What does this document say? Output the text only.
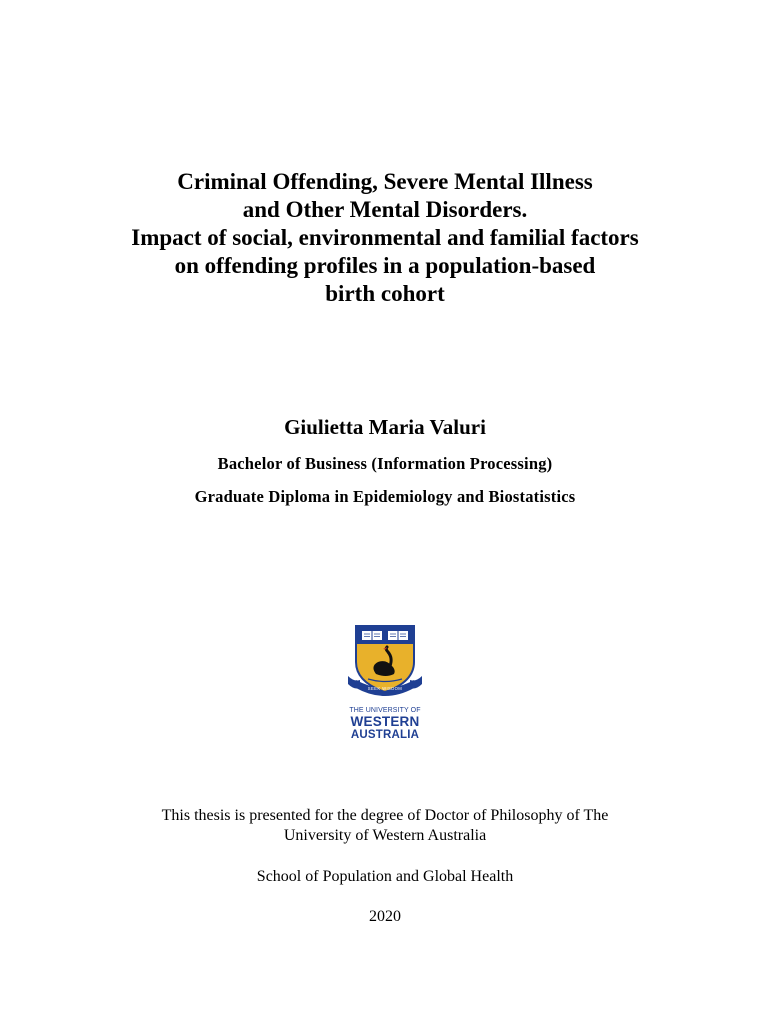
Criminal Offending, Severe Mental Illness
and Other Mental Disorders.
Impact of social, environmental and familial factors
on offending profiles in a population-based
birth cohort
Giulietta Maria Valuri
Bachelor of Business (Information Processing)
Graduate Diploma in Epidemiology and Biostatistics
SEEK WISDOM
THE UNIVERSITY OF
WESTERN
AUSTRALIA
This thesis is presented for the degree of Doctor of Philosophy of The
University of Western Australia
School of Population and Global Health
2020
